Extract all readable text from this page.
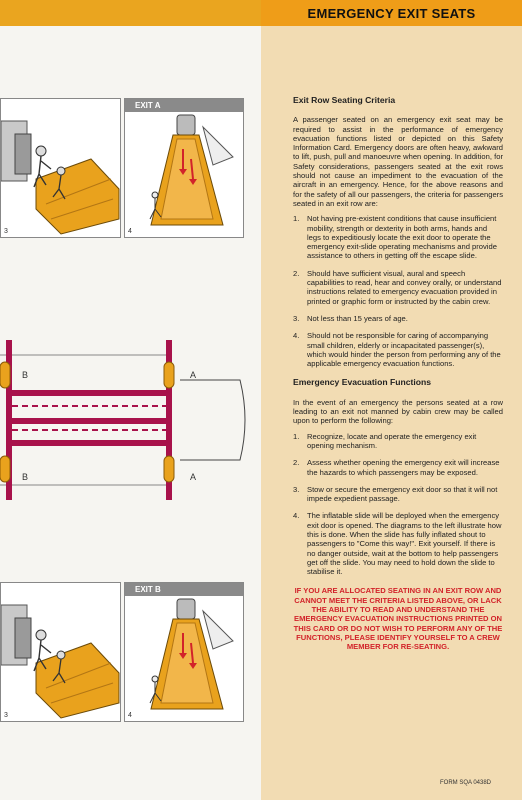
EMERGENCY EXIT SEATS
3
EXIT A
4
B	A
B	A
3
EXIT B
4
Exit Row Seating Criteria

A passenger seated on an emergency exit seat may be required to assist in the performance of emergency evacuation functions listed or depicted on this Safety Information Card. Emergency doors are often heavy, awkward to lift, push, pull and manoeuvre when opening. In addition, for Safety considerations, passengers seated at the exit rows should not cause an impediment to the evacuation of the aircraft in an emergency. Hence, for the above reasons and for the safety of all our passengers, the criteria for passengers seated in an exit row are:

1.	Not having pre-existent conditions that cause insufficient mobility, strength or dexterity in both arms, hands and legs to expeditiously locate the exit door to operate the emergency exit-slide operating mechanisms and provide assistance to others in getting off the escape slide.
2.	Should have sufficient visual, aural and speech capabilities to read, hear and convey orally, or understand instructions related to emergency evacuation provided in printed or graphic form or instructed by the cabin crew.
3.	Not less than 15 years of age.
4.	Should not be responsible for caring of accompanying small children, elderly or incapacitated passenger(s), which would hinder the person from performing any of the applicable emergency evacuation functions.
Emergency Evacuation Functions

In the event of an emergency the persons seated at a row leading to an exit not manned by cabin crew may be called upon to perform the following:

1.	Recognize, locate and operate the emergency exit opening mechanism.
2.	Assess whether opening the emergency exit will increase the hazards to which passengers may be exposed.
3.	Stow or secure the emergency exit door so that it will not impede expedient passage.
4.	The inflatable slide will be deployed when the emergency exit door is opened. The diagrams to the left illustrate how this is done. When the slide has fully inflated shout to passengers to "Come this way!". Exit yourself. If there is no danger outside, wait at the bottom to help passengers get off the slide. You may need to hold down the slide to stabilise it.
IF YOU ARE ALLOCATED SEATING IN AN EXIT ROW AND CANNOT MEET THE CRITERIA LISTED ABOVE, OR LACK THE ABILITY TO READ AND UNDERSTAND THE EMERGENCY EVACUATION INSTRUCTIONS PRINTED ON THIS CARD OR DO NOT WISH TO PERFORM ANY OF THE FUNCTIONS, PLEASE IDENTIFY YOURSELF TO A CREW MEMBER FOR RE-SEATING.
FORM SQA 0438D
